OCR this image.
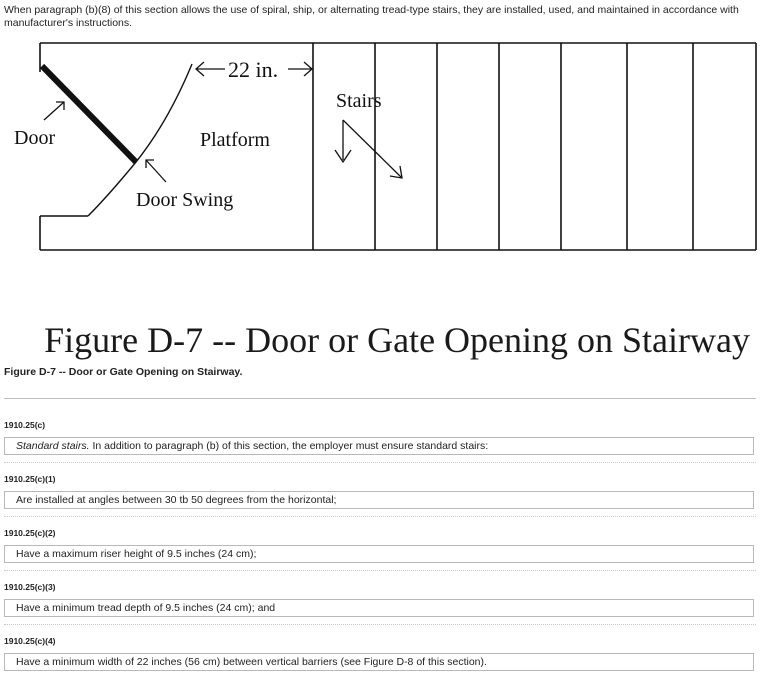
When paragraph (b)(8) of this section allows the use of spiral, ship, or alternating tread-type stairs, they are installed, used, and maintained in accordance with manufacturer's instructions.
22 in.
Stairs
Door	Platform
Door Swing
Figure D-7 -- Door or Gate Opening on Stairway
Figure D-7 -- Door or Gate Opening on Stairway.
1910.25(c)
Standard stairs. In addition to paragraph (b) of this section, the employer must ensure standard stairs:
1910.25(c)(1)
Are installed at angles between 30 tb 50 degrees from the horizontal;
1910.25(c)(2)
Have a maximum riser height of 9.5 inches (24 cm);
1910.25(c)(3)
Have a minimum tread depth of 9.5 inches (24 cm); and
1910.25(c)(4)
Have a minimum width of 22 inches (56 cm) between vertical barriers (see Figure D-8 of this section).
